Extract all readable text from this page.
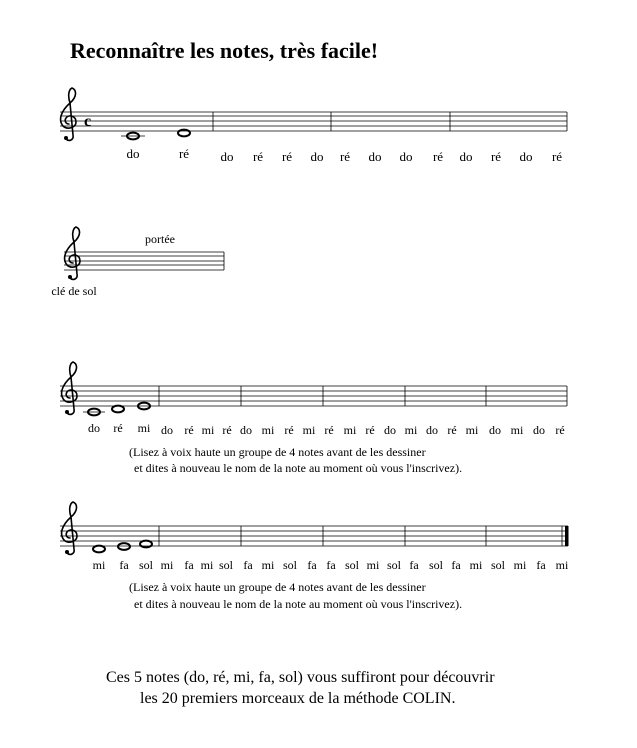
Reconnaître les notes, très facile!
c
do	ré do ré ré do ré do do ré do ré do ré
portée
clé de sol
do ré mi do ré mi ré do mi ré mi ré mi ré do mi do ré mi do mi do ré
(Lisez à voix haute un groupe de 4 notes avant de les dessiner
et dites à nouveau le nom de la note au moment où vous l'inscrivez).
mi fa sol mi fa mi sol fa mi sol fa fa sol mi sol fa sol fa mi sol mi fa mi
(Lisez à voix haute un groupe de 4 notes avant de les dessiner
et dites à nouveau le nom de la note au moment où vous l'inscrivez).
Ces 5 notes (do, ré, mi, fa, sol) vous suffiront pour découvrir
les 20 premiers morceaux de la méthode COLIN.
